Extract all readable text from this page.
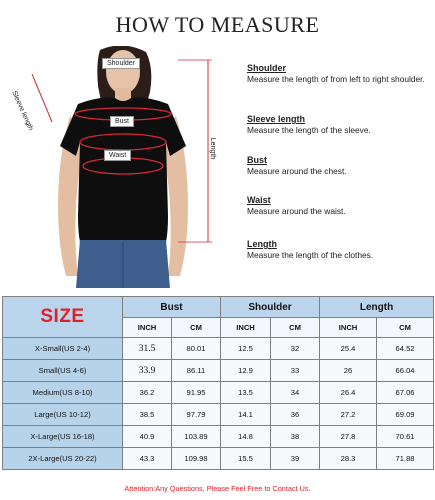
HOW TO MEASURE
Shoulder
Bust
Waist
Sleeve length
Length
Shoulder
Measure the length of from left to right shoulder.
Sleeve length
Measure the length of the sleeve.
Bust
Measure around the chest.
Waist
Measure around the waist.
Length
Measure the length of the clothes.
SIZE	Bust		Shoulder		Length	
	INCH	CM	INCH	CM	INCH	CM
X-Small(US 2-4)	31.5	80.01	12.5	32	25.4	64.52
Small(US 4-6)	33.9	86.11	12.9	33	26	66.04
Medium(US 8-10)	36.2	91.95	13.5	34	26.4	67.06
Large(US 10-12)	38.5	97.79	14.1	36	27.2	69.09
X-Large(US 16-18)	40.9	103.89	14.8	38	27.8	70.61
2X-Large(US 20-22)	43.3	109.98	15.5	39	28.3	71.88
Attention:Any Questions, Please Feel Free to Contact Us.
